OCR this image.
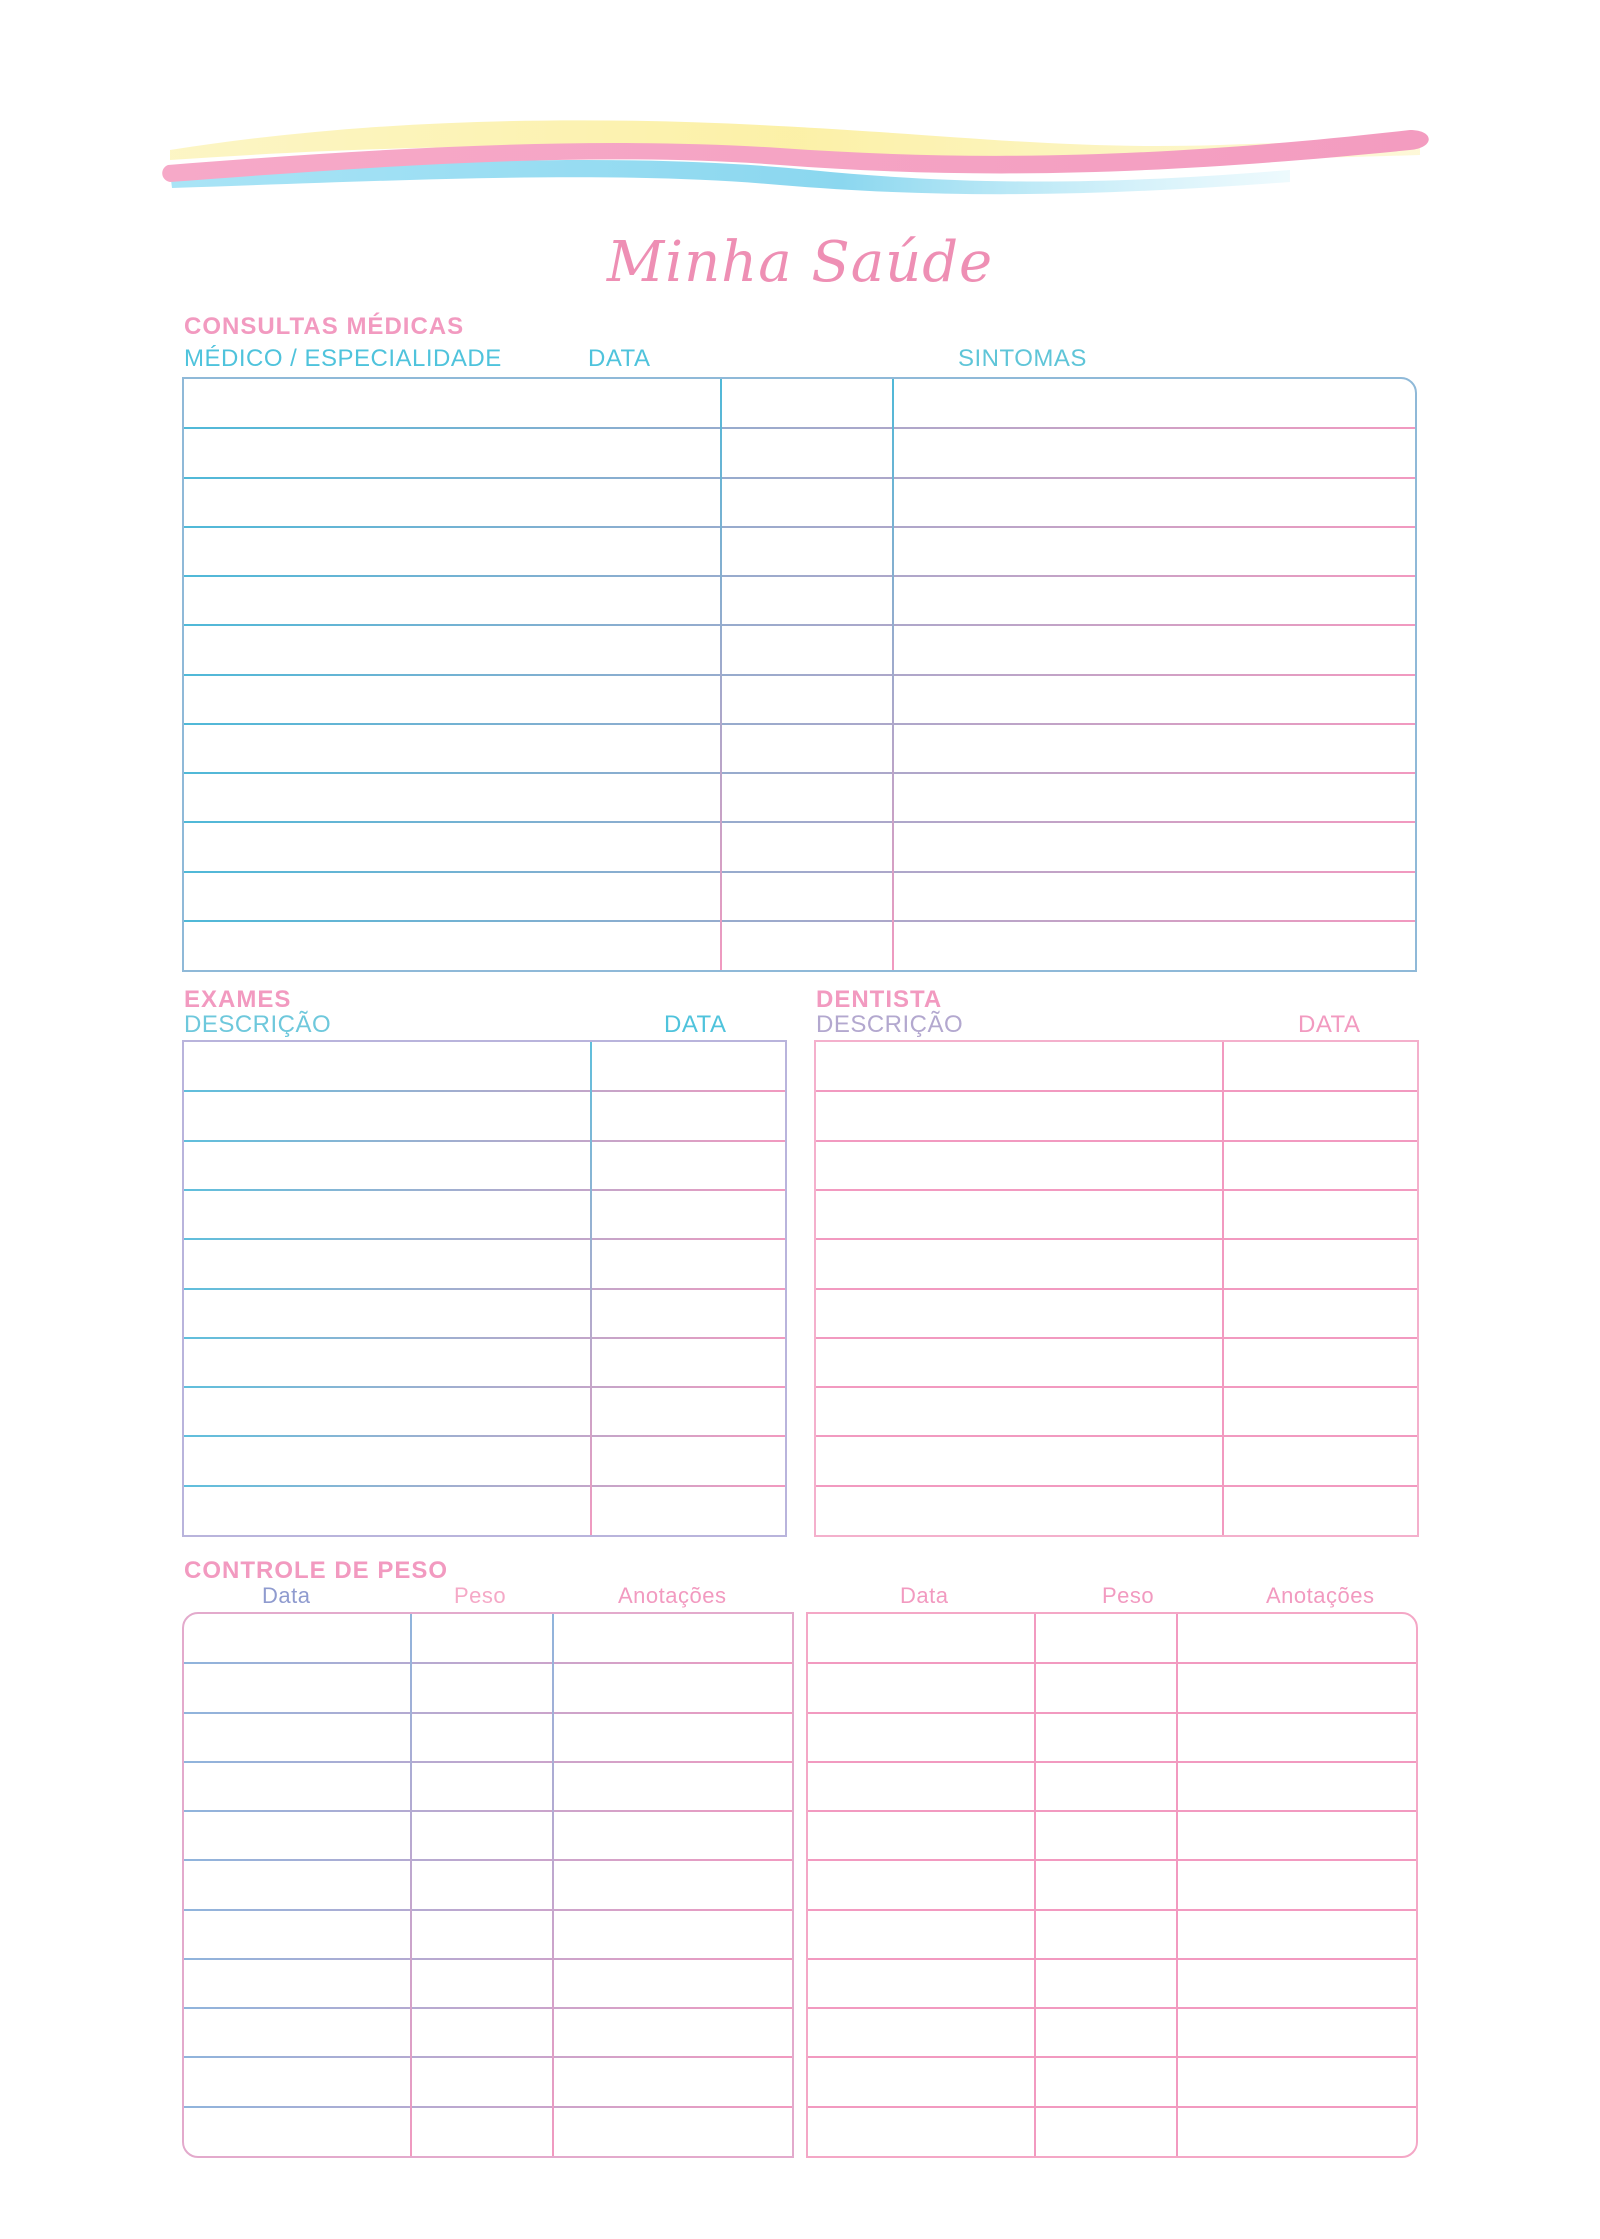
Minha Saúde
CONSULTAS MÉDICAS
MÉDICO / ESPECIALIDADE	DATA	SINTOMAS
EXAMES
DESCRIÇÃO	DATA
DENTISTA
DESCRIÇÃO	DATA
CONTROLE DE PESO
Data	Peso	Anotações	Data	Peso	Anotações
